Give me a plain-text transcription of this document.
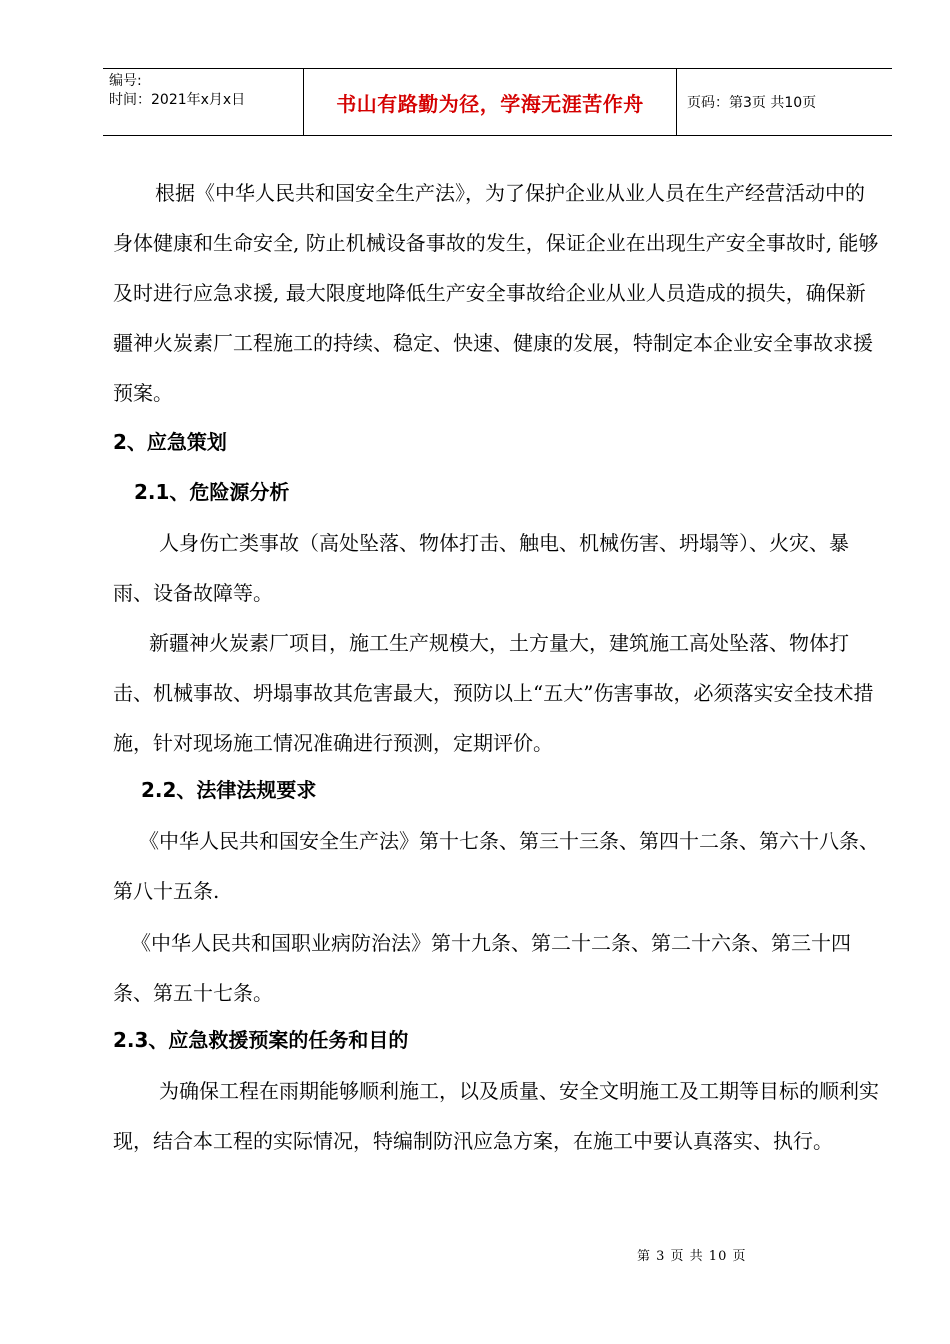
编号:
时间：2021年x月x日	书山有路勤为径，学海无涯苦作舟	页码：第3页 共10页

根据《中华人民共和国安全生产法》，为了保护企业从业人员在生产经营活动中的身体健康和生命安全, 防止机械设备事故的发生，保证企业在出现生产安全事故时, 能够及时进行应急求援, 最大限度地降低生产安全事故给企业从业人员造成的损失，确保新疆神火炭素厂工程施工的持续、稳定、快速、健康的发展，特制定本企业安全事故求援预案。

2、应急策划
2.1、危险源分析

人身伤亡类事故（高处坠落、物体打击、触电、机械伤害、坍塌等）、火灾、暴雨、设备故障等。

新疆神火炭素厂项目，施工生产规模大，土方量大，建筑施工高处坠落、物体打击、机械事故、坍塌事故其危害最大，预防以上“五大”伤害事故，必须落实安全技术措施，针对现场施工情况准确进行预测，定期评价。

2.2、法律法规要求

《中华人民共和国安全生产法》第十七条、第三十三条、第四十二条、第六十八条、第八十五条.

《中华人民共和国职业病防治法》第十九条、第二十二条、第二十六条、第三十四条、第五十七条。

2.3、应急救援预案的任务和目的

为确保工程在雨期能够顺利施工，以及质量、安全文明施工及工期等目标的顺利实现，结合本工程的实际情况，特编制防汛应急方案，在施工中要认真落实、执行。

第 3 页 共 10 页
